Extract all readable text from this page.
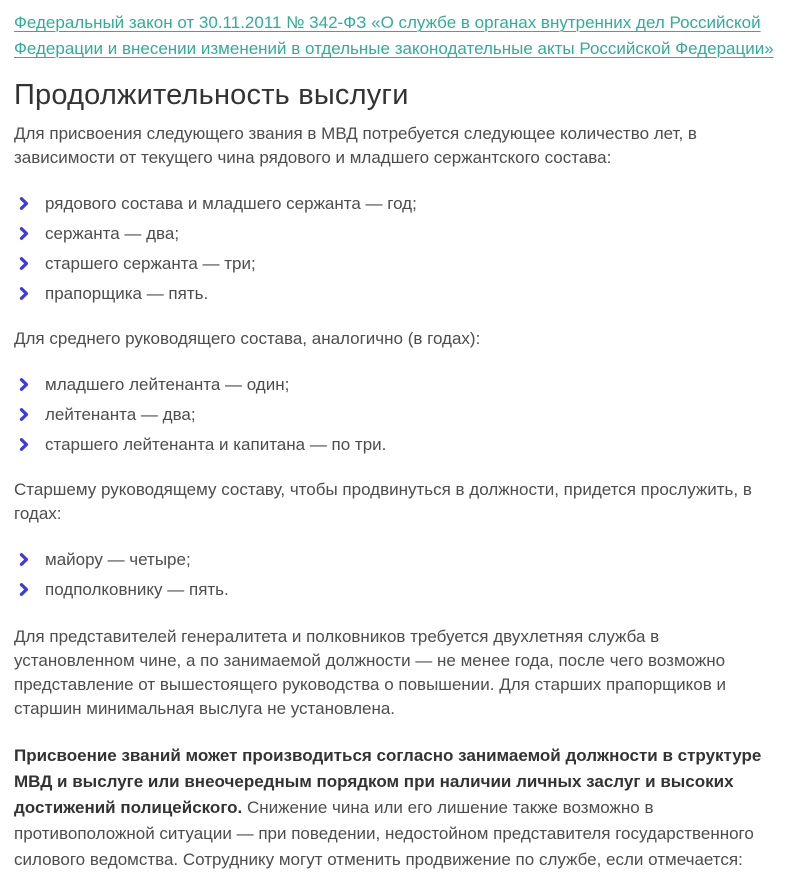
Федеральный закон от 30.11.2011 № 342-ФЗ «О службе в органах внутренних дел Российской Федерации и внесении изменений в отдельные законодательные акты Российской Федерации»
Продолжительность выслуги

Для присвоения следующего звания в МВД потребуется следующее количество лет, в зависимости от текущего чина рядового и младшего сержантского состава:

рядового состава и младшего сержанта — год;
сержанта — два;
старшего сержанта — три;
прапорщика — пять.

Для среднего руководящего состава, аналогично (в годах):

младшего лейтенанта — один;
лейтенанта — два;
старшего лейтенанта и капитана — по три.

Старшему руководящему составу, чтобы продвинуться в должности, придется прослужить, в годах:

майору — четыре;
подполковнику — пять.

Для представителей генералитета и полковников требуется двухлетняя служба в установленном чине, а по занимаемой должности — не менее года, после чего возможно представление от вышестоящего руководства о повышении. Для старших прапорщиков и старшин минимальная выслуга не установлена.

Присвоение званий может производиться согласно занимаемой должности в структуре МВД и выслуге или внеочередным порядком при наличии личных заслуг и высоких достижений полицейского. Снижение чина или его лишение также возможно в противоположной ситуации — при поведении, недостойном представителя государственного силового ведомства. Сотруднику могут отменить продвижение по службе, если отмечается:
